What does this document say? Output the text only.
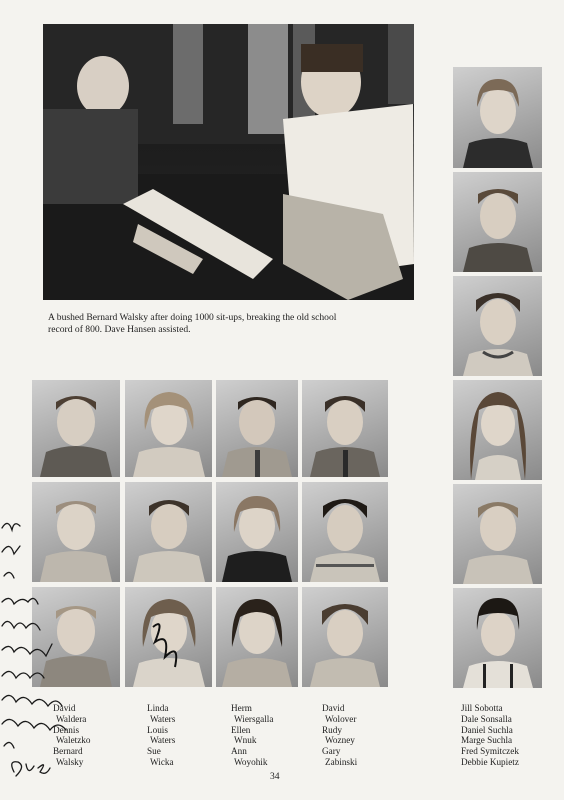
A bushed Bernard Walsky after doing 1000 sit-ups, breaking the old school
record of 800. Dave Hansen assisted.
David
Waldera
Dennis
Waletzko
Bernard
Walsky
Linda
Waters
Louis
Waters
Sue
Wicka
Herm
Wiersgalla
Ellen
Wnuk
Ann
Woyohik
David
Wolover
Rudy
Wozney
Gary
Zabinski
Jill Sobotta
Dale Sonsalla
Daniel Suchla
Marge Suchla
Fred Symitczek
Debbie Kupietz
34
